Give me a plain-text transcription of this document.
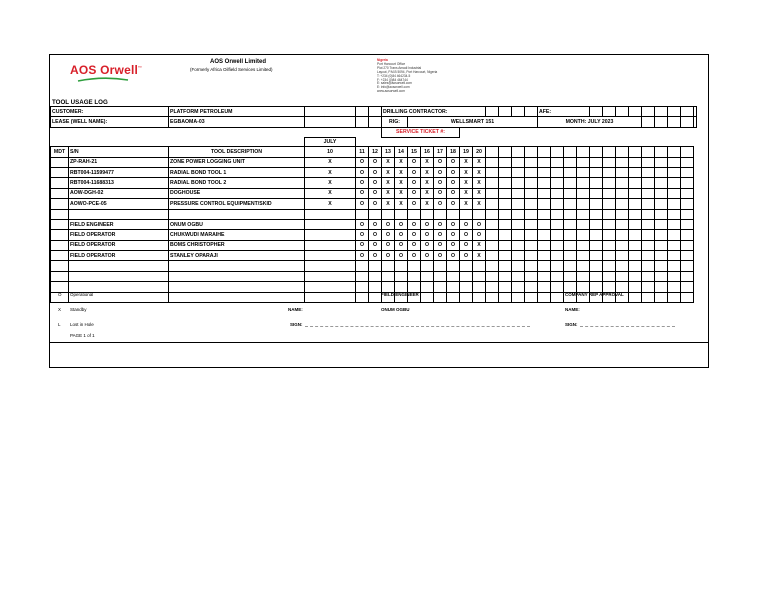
AOS Orwell™
AOS Orwell Limited
(Formerly Africa Oilfield Services Limited)
Nigeria
Port Harcourt Office
Plot 270 Trans Amadi Industrial
Layout, P.M.B 5094, Port Harcourt, Nigeria
T: +234 (0)84 464234-5
F: +234 (0)84 464744
E: sales@aosorwell.com
E: info@aosorwell.com
www.aosorwell.com
TOOL USAGE LOG
CUSTOMER:		PLATFORM PETROLEUM				DRILLING CONTRACTOR:												AFE:												
LEASE (WELL NAME):		EGBAOMA-03				RIG:		WELLSMART 151										MONTH: JULY 2023												
						SERVICE TICKET #:																								
			JULY																											
MDT	S/N	TOOL DESCRIPTION	10	11	12	13	14	15	16	17	18	19	20																	
	ZP-RAH-21	ZONE POWER LOGGING UNIT	X	O	O	X	X	O	X	O	O	X	X																	
	RBT004-11599477	RADIAL BOND TOOL 1	X	O	O	X	X	O	X	O	O	X	X																	
	RBT004-11688313	RADIAL BOND TOOL 2	X	O	O	X	X	O	X	O	O	X	X																	
	AOW-DGH-02	DOGHOUSE	X	O	O	X	X	O	X	O	O	X	X																	
	AOWO-PCE-05	PRESSURE CONTROL EQUIPMENT/SKID	X	O	O	X	X	O	X	O	O	X	X																	

	FIELD ENGINEER	ONUM OGBU		O	O	O	O	O	O	O	O	O	O																	
	FIELD OPERATOR	CHUKWUDI MARAIHE		O	O	O	O	O	O	O	O	O	O																	
	FIELD OPERATOR	BOMS CHRISTOPHER		O	O	O	O	O	O	O	O	O	X																	
	FIELD OPERATOR	STANLEY OPARAJI		O	O	O	O	O	O	O	O	O	X																	

O Operational
X Standby
L Lost in Hole
PAGE 1 of 1
FIELD ENGINEER
NAME:	ONUM OGBU
SIGN:
COMPANY REP APPROVAL
NAME:
SIGN:
